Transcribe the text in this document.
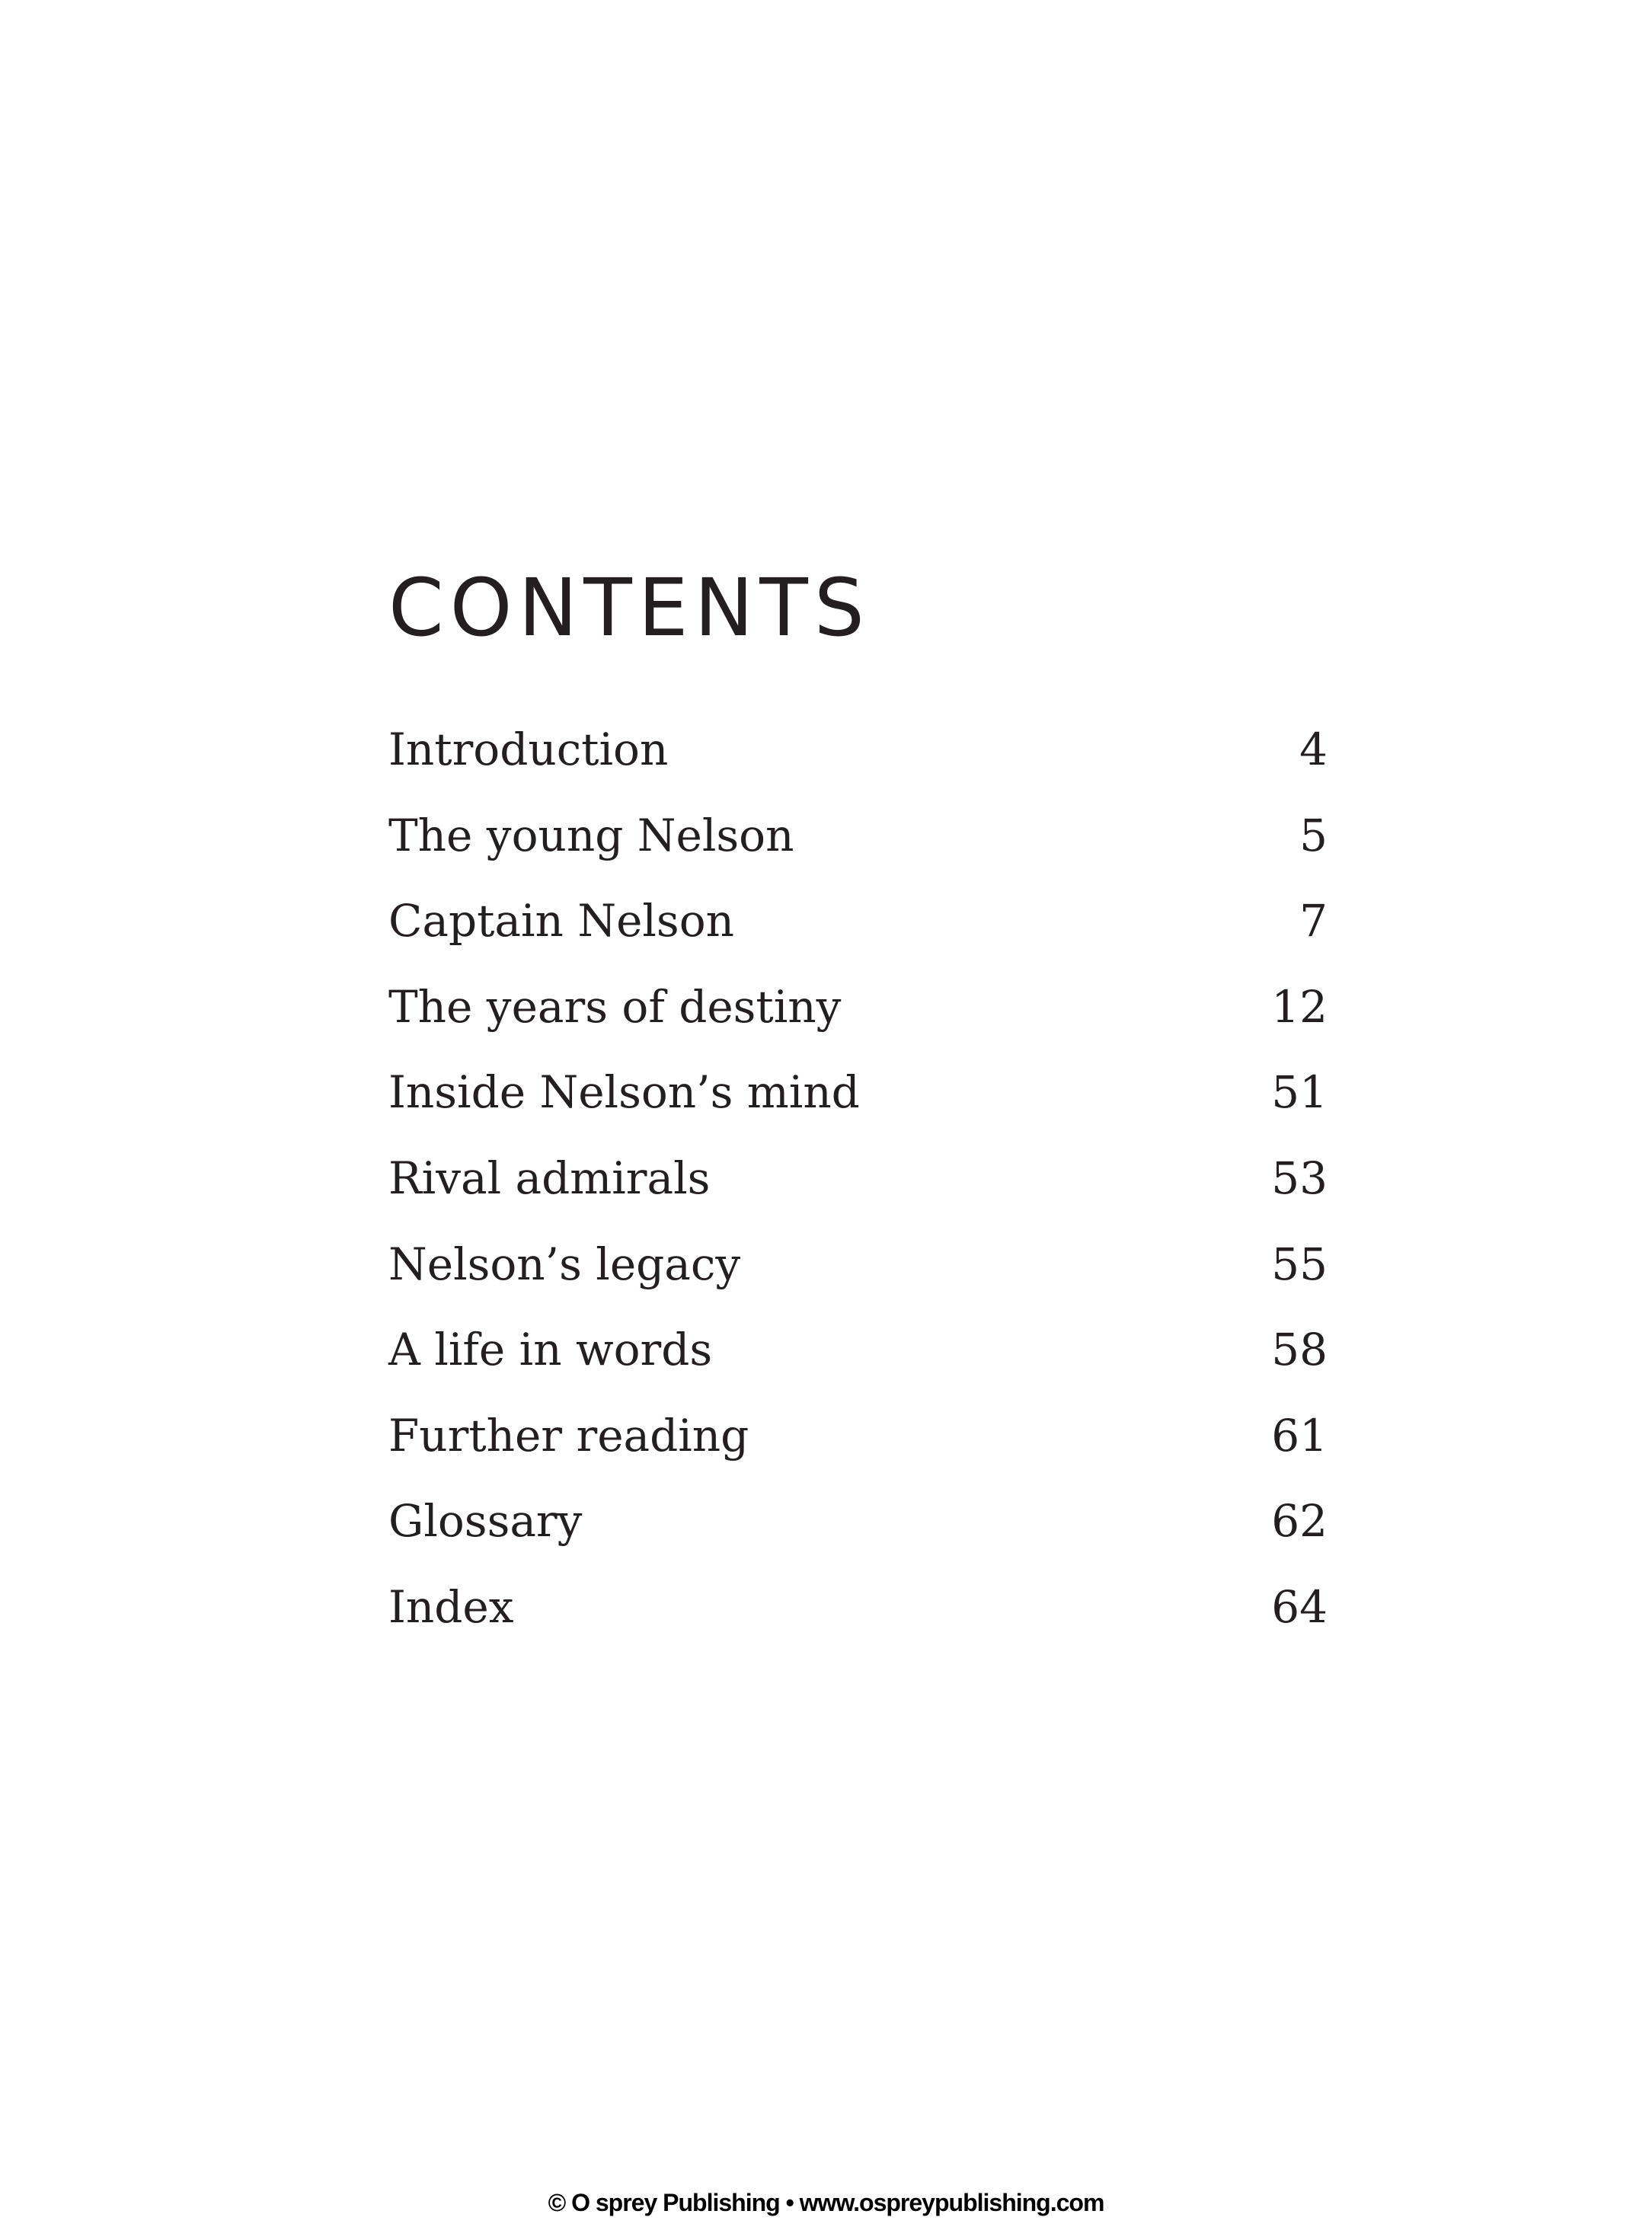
CONTENTS
Introduction	4
The young Nelson	5
Captain Nelson	7
The years of destiny	12
Inside Nelson’s mind	51
Rival admirals	53
Nelson’s legacy	55
A life in words	58
Further reading	61
Glossary	62
Index	64
© O sprey Publishing • www.ospreypublishing.com
